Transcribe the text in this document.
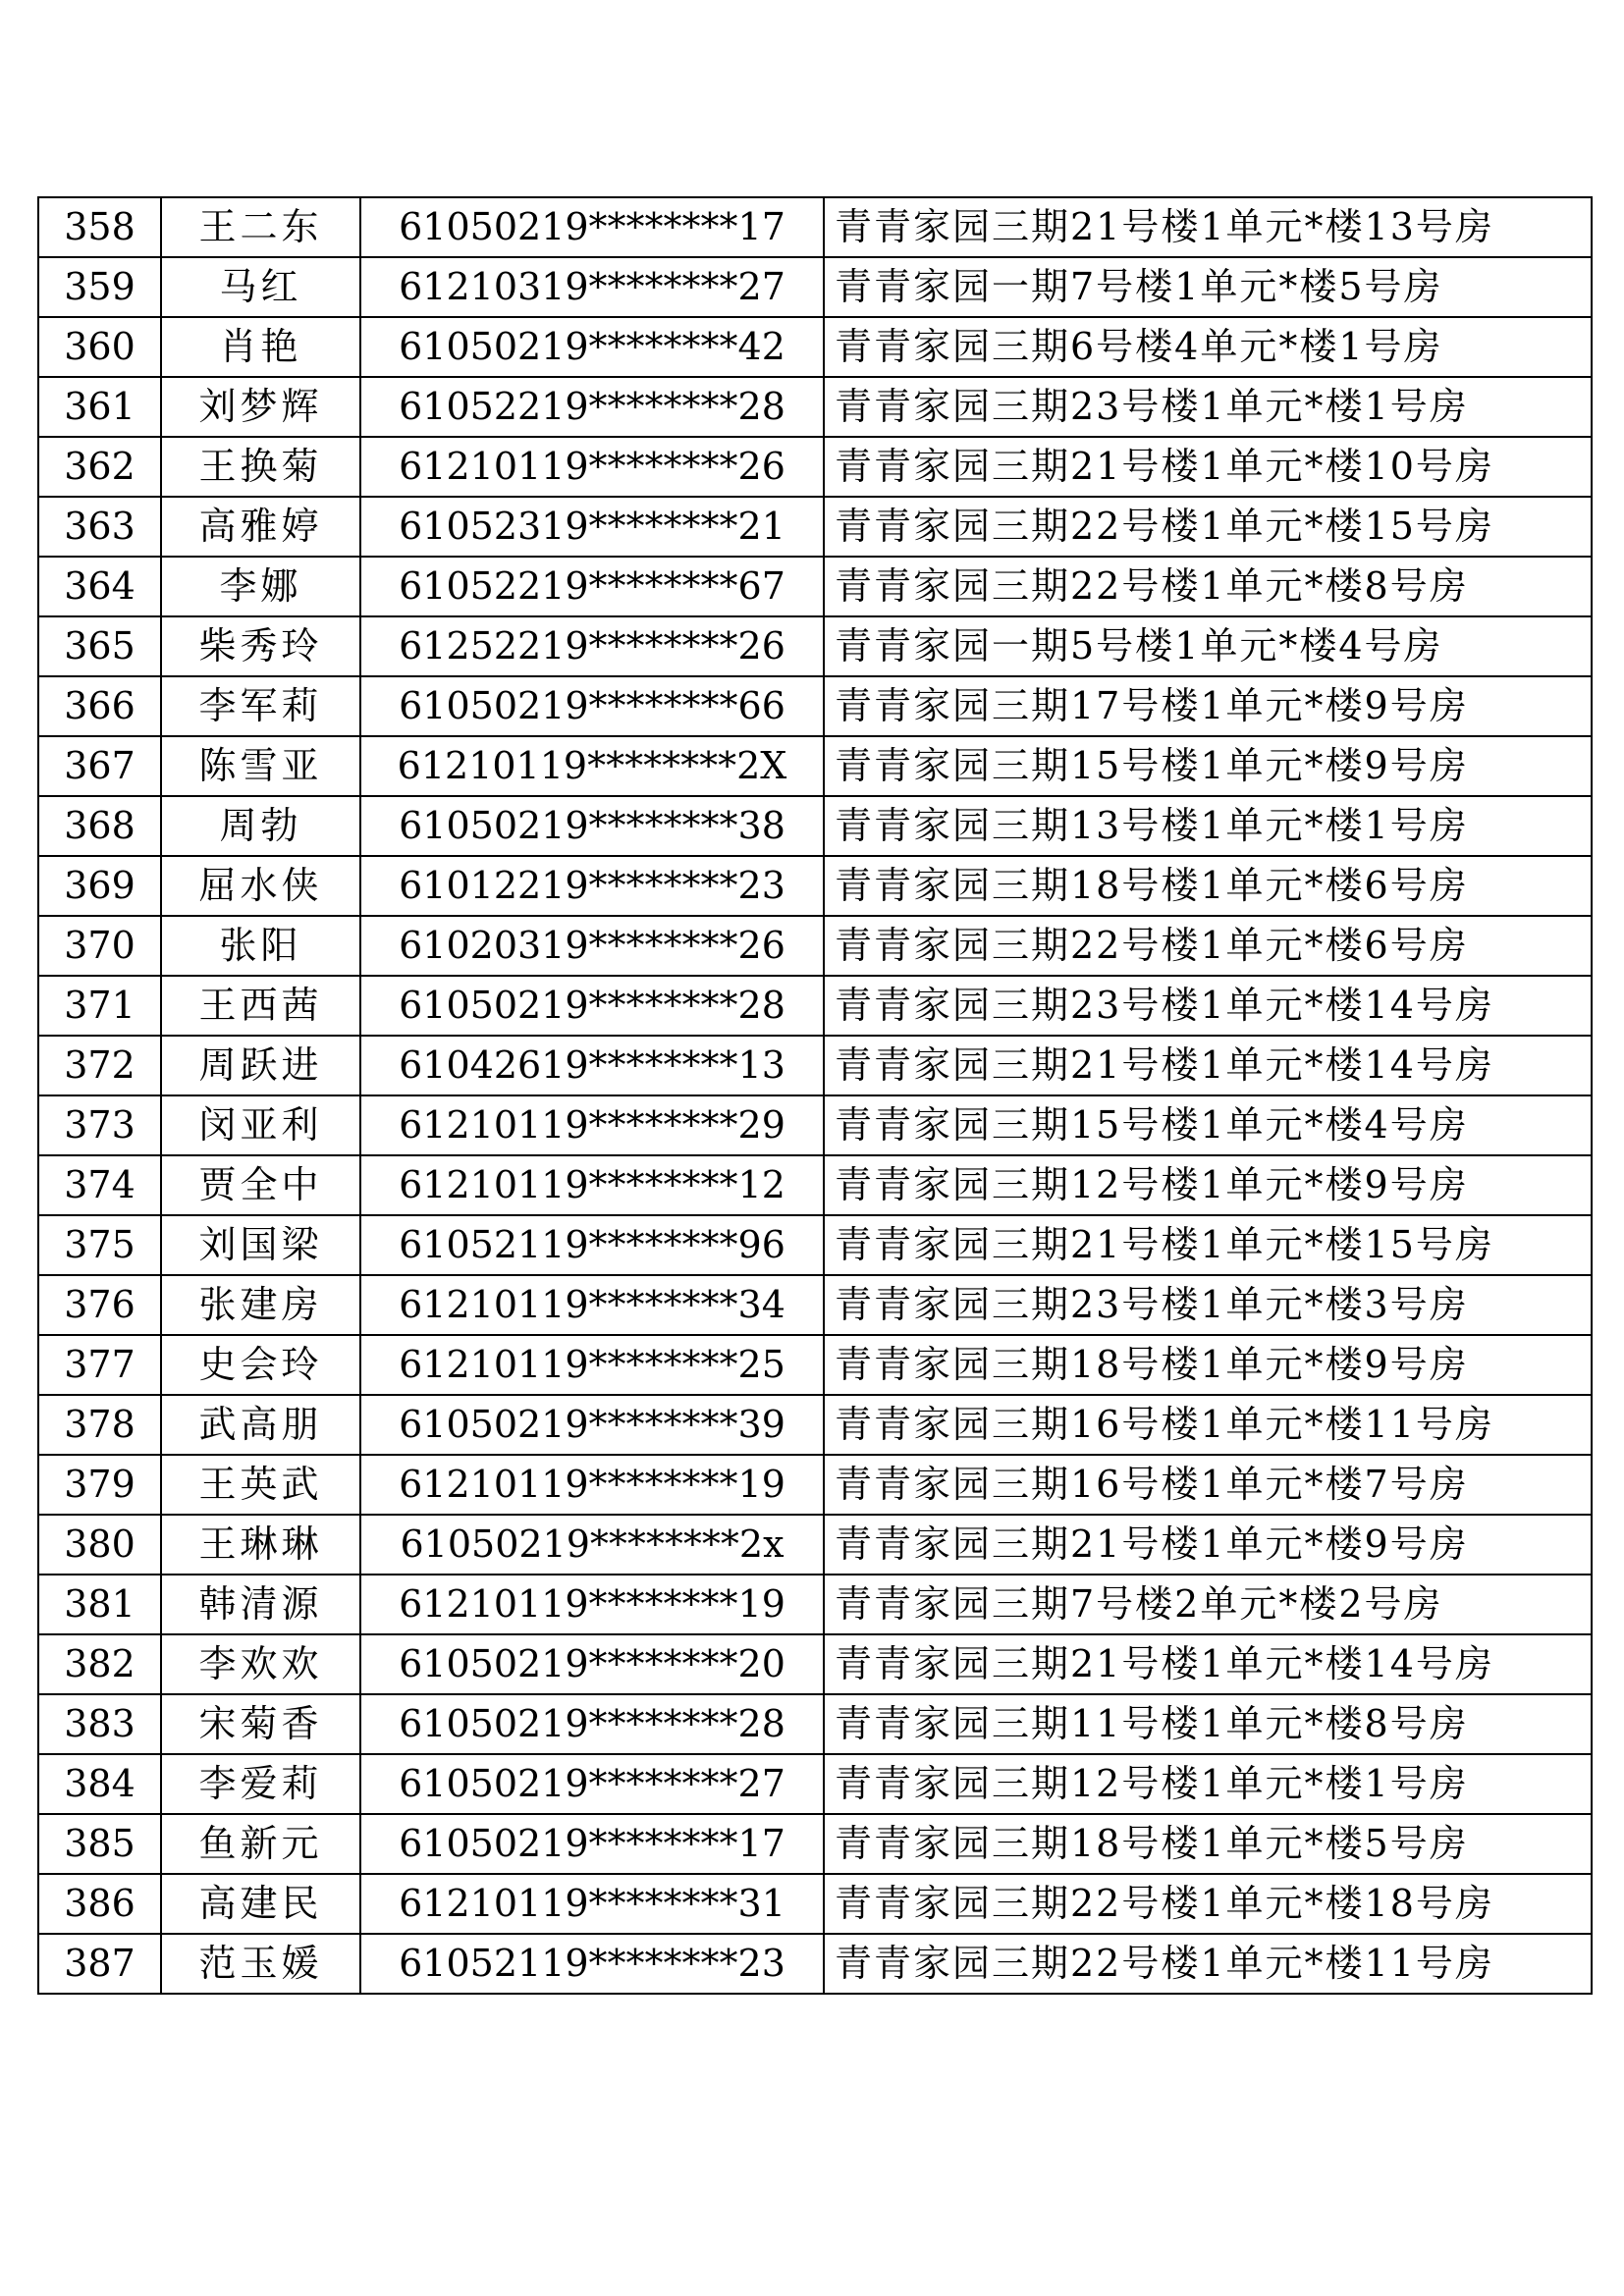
358	王二东	61050219********17	青青家园三期21号楼1单元*楼13号房
359	马红	61210319********27	青青家园一期7号楼1单元*楼5号房
360	肖艳	61050219********42	青青家园三期6号楼4单元*楼1号房
361	刘梦辉	61052219********28	青青家园三期23号楼1单元*楼1号房
362	王换菊	61210119********26	青青家园三期21号楼1单元*楼10号房
363	高雅婷	61052319********21	青青家园三期22号楼1单元*楼15号房
364	李娜	61052219********67	青青家园三期22号楼1单元*楼8号房
365	柴秀玲	61252219********26	青青家园一期5号楼1单元*楼4号房
366	李军莉	61050219********66	青青家园三期17号楼1单元*楼9号房
367	陈雪亚	61210119********2X	青青家园三期15号楼1单元*楼9号房
368	周勃	61050219********38	青青家园三期13号楼1单元*楼1号房
369	屈水侠	61012219********23	青青家园三期18号楼1单元*楼6号房
370	张阳	61020319********26	青青家园三期22号楼1单元*楼6号房
371	王西茜	61050219********28	青青家园三期23号楼1单元*楼14号房
372	周跃进	61042619********13	青青家园三期21号楼1单元*楼14号房
373	闵亚利	61210119********29	青青家园三期15号楼1单元*楼4号房
374	贾全中	61210119********12	青青家园三期12号楼1单元*楼9号房
375	刘国梁	61052119********96	青青家园三期21号楼1单元*楼15号房
376	张建房	61210119********34	青青家园三期23号楼1单元*楼3号房
377	史会玲	61210119********25	青青家园三期18号楼1单元*楼9号房
378	武高朋	61050219********39	青青家园三期16号楼1单元*楼11号房
379	王英武	61210119********19	青青家园三期16号楼1单元*楼7号房
380	王琳琳	61050219********2x	青青家园三期21号楼1单元*楼9号房
381	韩清源	61210119********19	青青家园三期7号楼2单元*楼2号房
382	李欢欢	61050219********20	青青家园三期21号楼1单元*楼14号房
383	宋菊香	61050219********28	青青家园三期11号楼1单元*楼8号房
384	李爱莉	61050219********27	青青家园三期12号楼1单元*楼1号房
385	鱼新元	61050219********17	青青家园三期18号楼1单元*楼5号房
386	高建民	61210119********31	青青家园三期22号楼1单元*楼18号房
387	范玉媛	61052119********23	青青家园三期22号楼1单元*楼11号房
